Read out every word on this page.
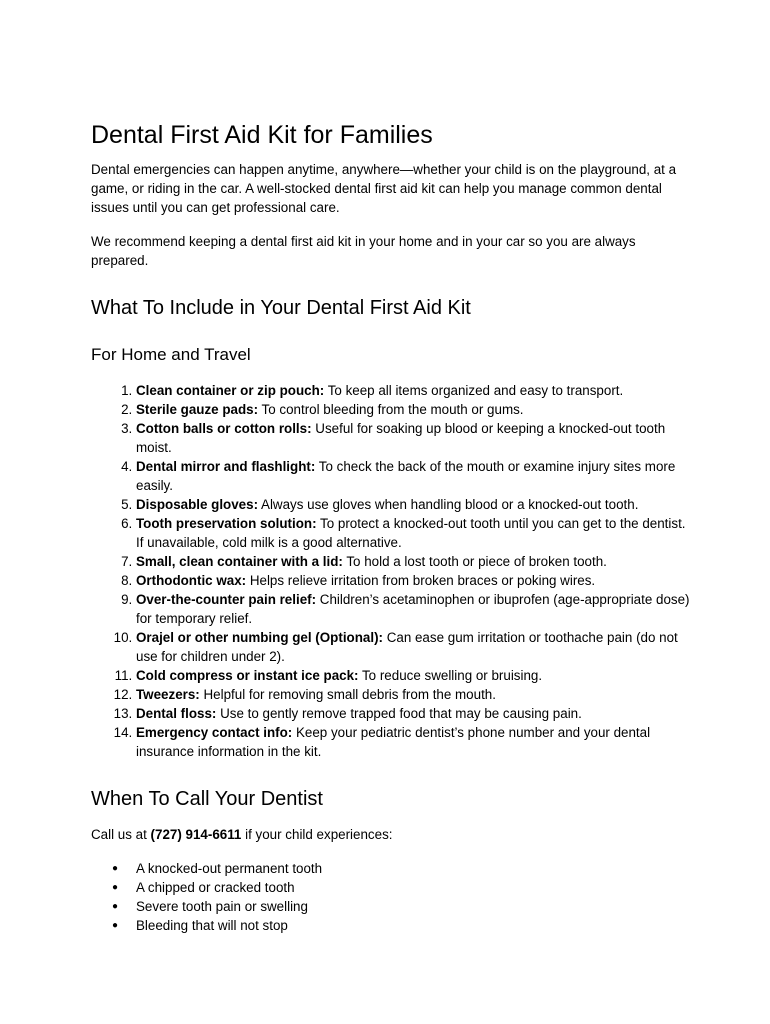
Dental First Aid Kit for Families

Dental emergencies can happen anytime, anywhere—whether your child is on the playground, at a game, or riding in the car. A well-stocked dental first aid kit can help you manage common dental issues until you can get professional care.

We recommend keeping a dental first aid kit in your home and in your car so you are always prepared.

What To Include in Your Dental First Aid Kit
For Home and Travel
1. Clean container or zip pouch: To keep all items organized and easy to transport.
2. Sterile gauze pads: To control bleeding from the mouth or gums.
3. Cotton balls or cotton rolls: Useful for soaking up blood or keeping a knocked-out tooth moist.
4. Dental mirror and flashlight: To check the back of the mouth or examine injury sites more easily.
5. Disposable gloves: Always use gloves when handling blood or a knocked-out tooth.
6. Tooth preservation solution: To protect a knocked-out tooth until you can get to the dentist. If unavailable, cold milk is a good alternative.
7. Small, clean container with a lid: To hold a lost tooth or piece of broken tooth.
8. Orthodontic wax: Helps relieve irritation from broken braces or poking wires.
9. Over-the-counter pain relief: Children’s acetaminophen or ibuprofen (age-appropriate dose) for temporary relief.
10. Orajel or other numbing gel (Optional): Can ease gum irritation or toothache pain (do not use for children under 2).
11. Cold compress or instant ice pack: To reduce swelling or bruising.
12. Tweezers: Helpful for removing small debris from the mouth.
13. Dental floss: Use to gently remove trapped food that may be causing pain.
14. Emergency contact info: Keep your pediatric dentist’s phone number and your dental insurance information in the kit.
When To Call Your Dentist

Call us at (727) 914-6611 if your child experiences:

● A knocked-out permanent tooth
● A chipped or cracked tooth
● Severe tooth pain or swelling
● Bleeding that will not stop
